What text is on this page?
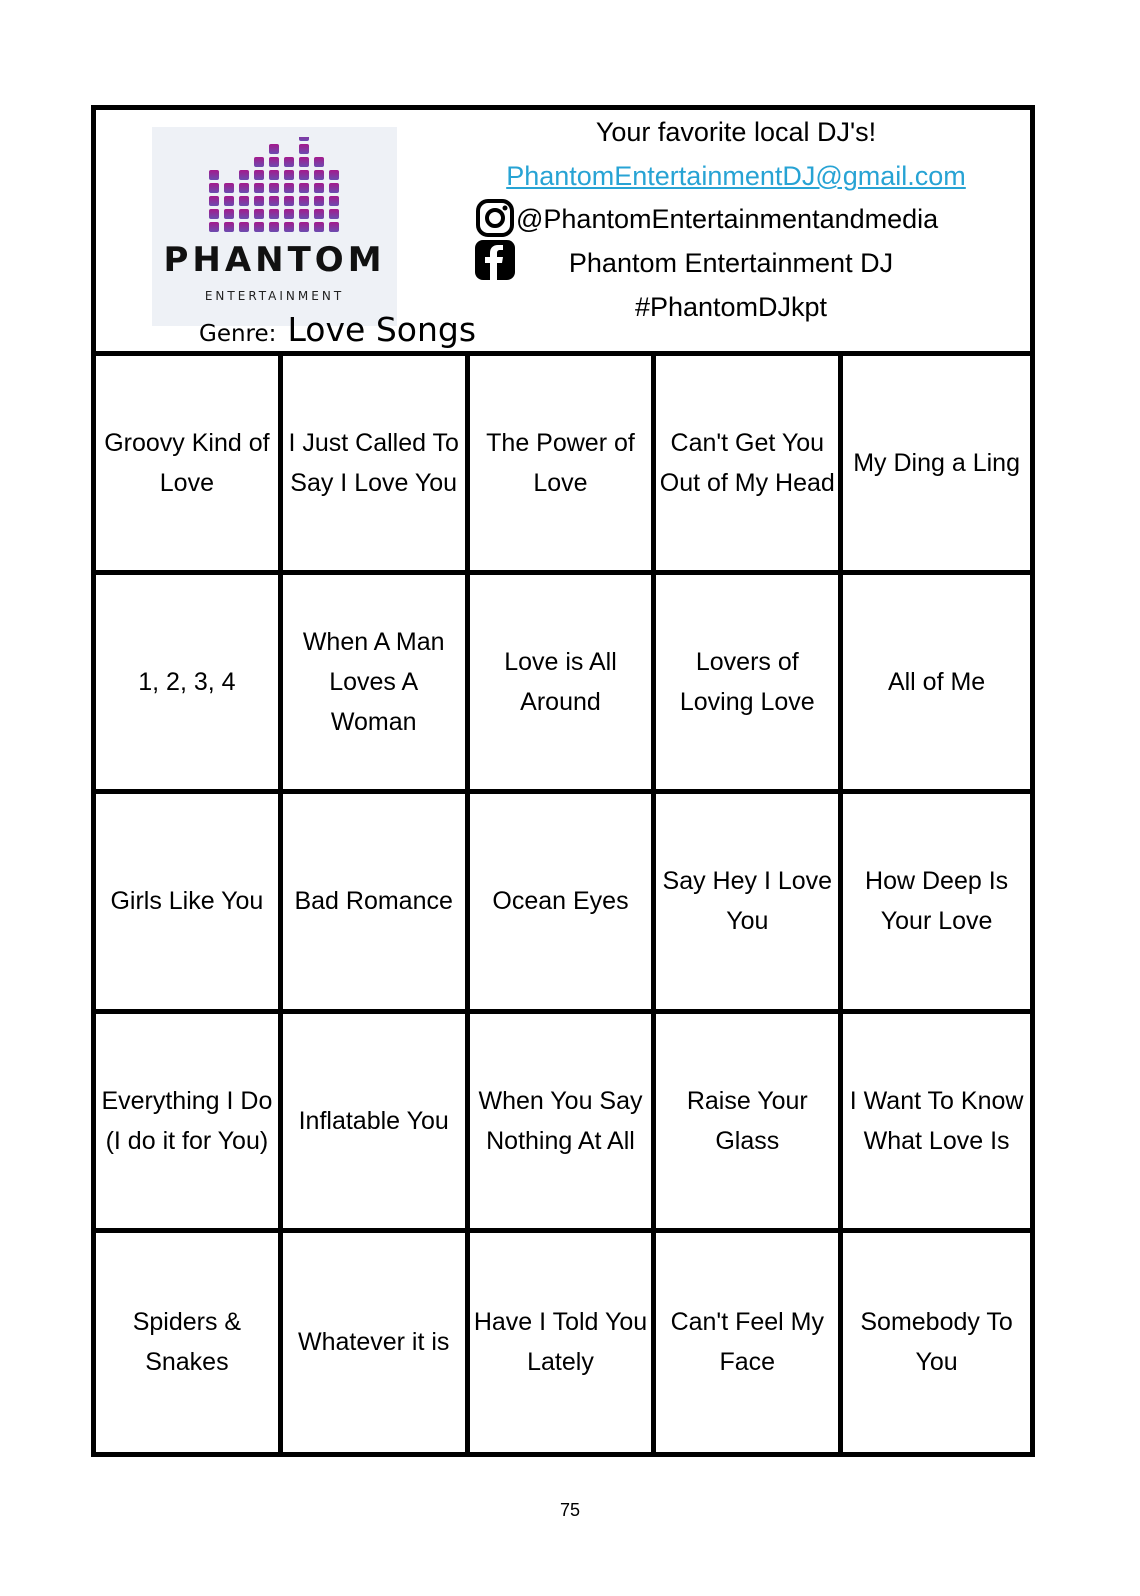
PHANTOM
ENTERTAINMENT
Genre: Love Songs
Your favorite local DJ's!
PhantomEntertainmentDJ@gmail.com
@PhantomEntertainmentandmedia
Phantom Entertainment DJ
#PhantomDJkpt
Groovy Kind of Love
I Just Called To Say I Love You
The Power of Love
Can't Get You Out of My Head
My Ding a Ling
1, 2, 3, 4
When A Man Loves A Woman
Love is All Around
Lovers of Loving Love
All of Me
Girls Like You	Bad Romance	Ocean Eyes
Say Hey I Love You
How Deep Is Your Love
Everything I Do (I do it for You)
Inflatable You
When You Say Nothing At All
Raise Your Glass
I Want To Know What Love Is
Spiders & Snakes
Whatever it is
Have I Told You Lately
Can't Feel My Face
Somebody To You
75
